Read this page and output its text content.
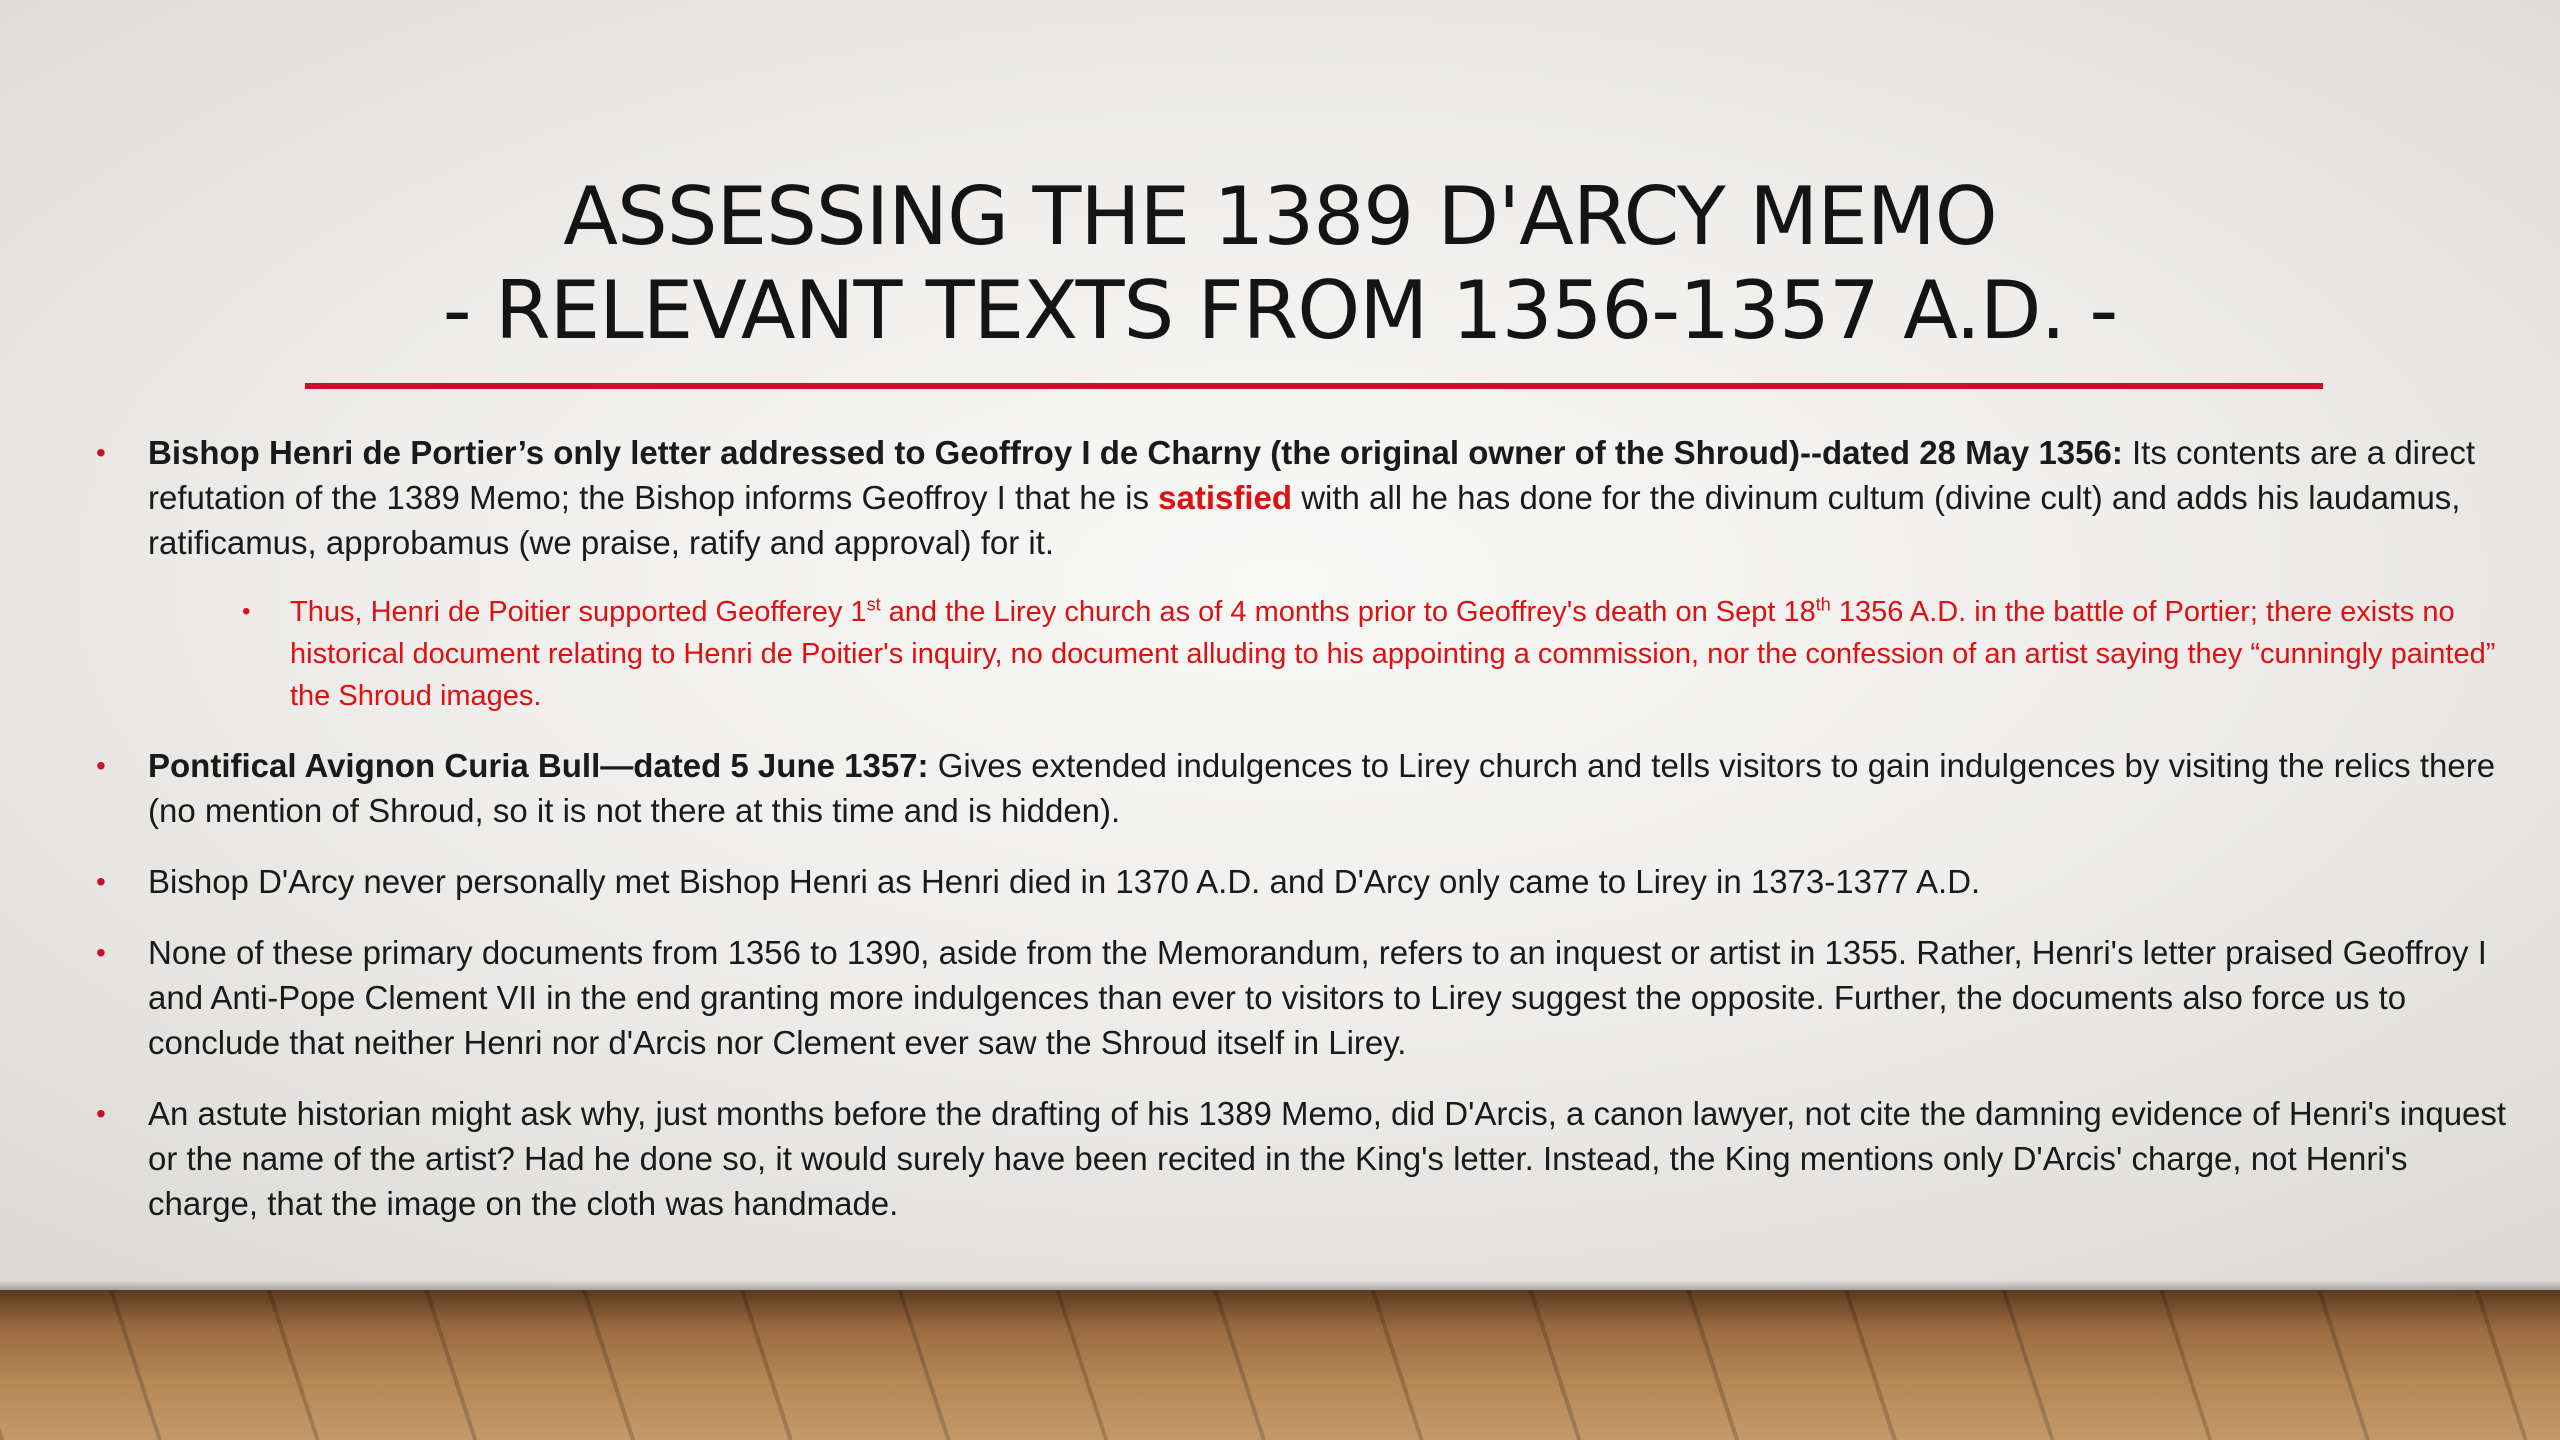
ASSESSING THE 1389 D'ARCY MEMO
- RELEVANT TEXTS FROM 1356-1357 A.D. -
• Bishop Henri de Portier’s only letter addressed to Geoffroy I de Charny (the original owner of the Shroud)--dated 28 May 1356: Its contents are a direct refutation of the 1389 Memo; the Bishop informs Geoffroy I that he is satisfied with all he has done for the divinum cultum (divine cult) and adds his laudamus, ratificamus, approbamus (we praise, ratify and approval) for it.
• Thus, Henri de Poitier supported Geofferey 1st and the Lirey church as of 4 months prior to Geoffrey's death on Sept 18th 1356 A.D. in the battle of Portier; there exists no historical document relating to Henri de Poitier's inquiry, no document alluding to his appointing a commission, nor the confession of an artist saying they “cunningly painted” the Shroud images.
• Pontifical Avignon Curia Bull—dated 5 June 1357: Gives extended indulgences to Lirey church and tells visitors to gain indulgences by visiting the relics there (no mention of Shroud, so it is not there at this time and is hidden).
• Bishop D'Arcy never personally met Bishop Henri as Henri died in 1370 A.D. and D'Arcy only came to Lirey in 1373-1377 A.D.
• None of these primary documents from 1356 to 1390, aside from the Memorandum, refers to an inquest or artist in 1355. Rather, Henri's letter praised Geoffroy I and Anti-Pope Clement VII in the end granting more indulgences than ever to visitors to Lirey suggest the opposite. Further, the documents also force us to conclude that neither Henri nor d'Arcis nor Clement ever saw the Shroud itself in Lirey.
• An astute historian might ask why, just months before the drafting of his 1389 Memo, did D'Arcis, a canon lawyer, not cite the damning evidence of Henri's inquest or the name of the artist? Had he done so, it would surely have been recited in the King's letter. Instead, the King mentions only D'Arcis' charge, not Henri's charge, that the image on the cloth was handmade.
